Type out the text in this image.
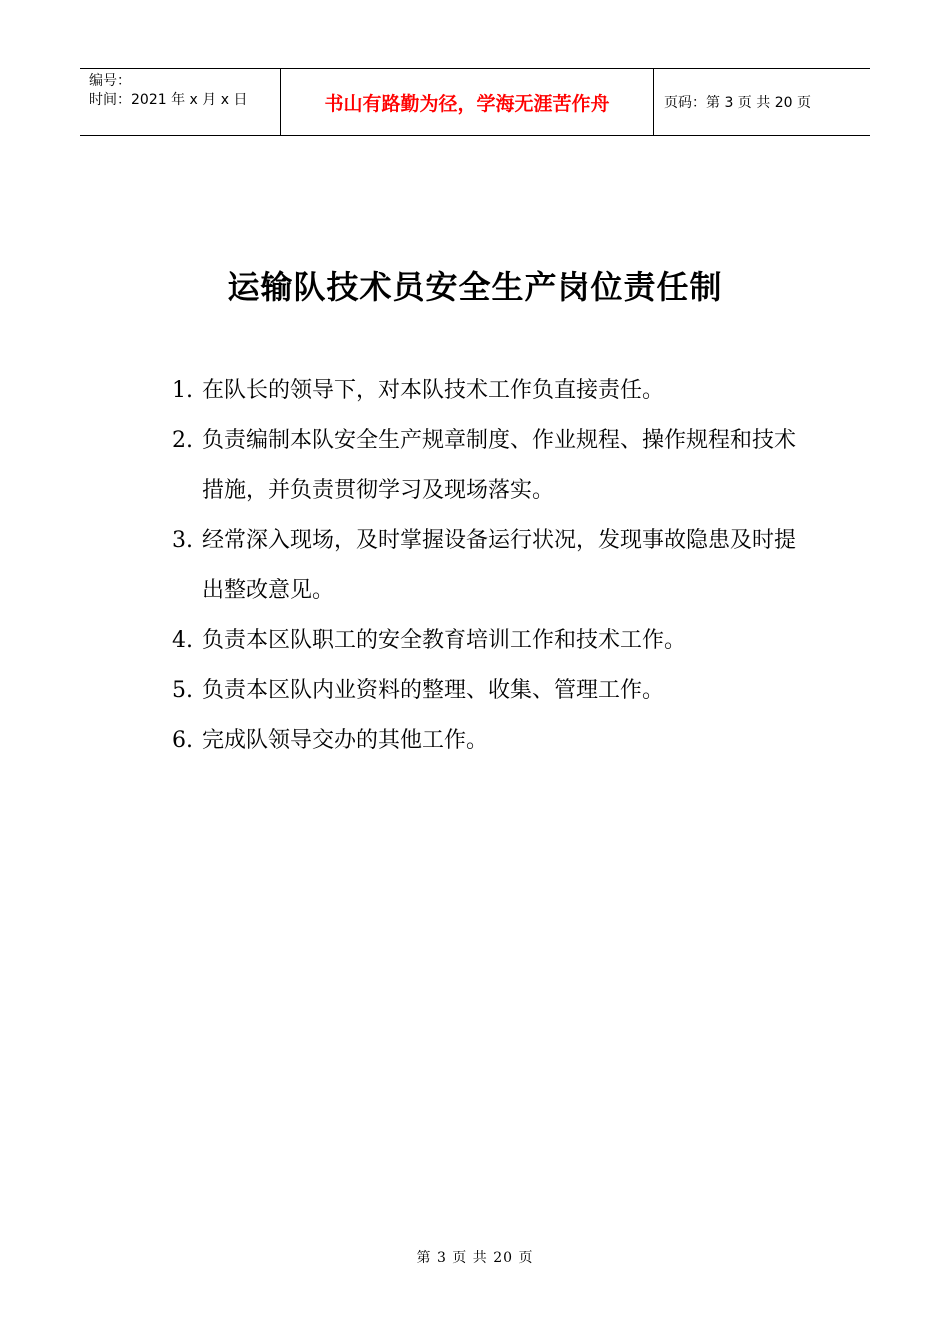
编号：
时间：2021 年 x 月 x 日	书山有路勤为径，学海无涯苦作舟	页码：第 3 页 共 20 页
运输队技术员安全生产岗位责任制
1. 在队长的领导下，对本队技术工作负直接责任。
2. 负责编制本队安全生产规章制度、作业规程、操作规程和技术措施，并负责贯彻学习及现场落实。
3. 经常深入现场，及时掌握设备运行状况，发现事故隐患及时提出整改意见。
4. 负责本区队职工的安全教育培训工作和技术工作。
5. 负责本区队内业资料的整理、收集、管理工作。
6. 完成队领导交办的其他工作。
第 3 页 共 20 页
